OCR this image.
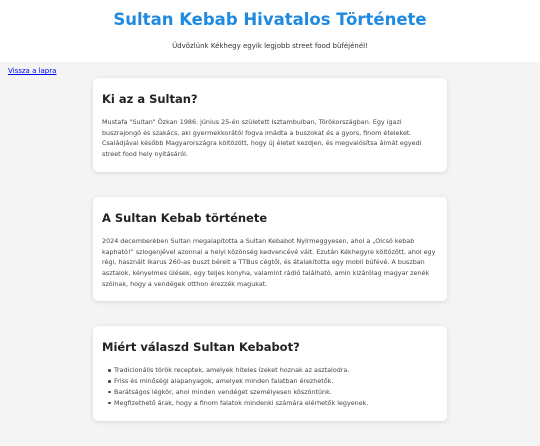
Sultan Kebab Hivatalos Története

Üdvözlünk Kékhegy egyik legjobb street food büféjénél!

Vissza a lapra
Ki az a Sultan?

Mustafa "Sultan" Özkan 1986. június 25-én született Isztambulban, Törökországban. Egy igazi buszrajongó és szakács, aki gyermekkorától fogva imádta a buszokat és a gyors, finom ételeket. Családjával később Magyarországra költözött, hogy új életet kezdjen, és megvalósítsa álmát egyedi street food hely nyitásáról.

A Sultan Kebab története

2024 decemberében Sultan megalapította a Sultan Kebabot Nyírmeggyesen, ahol a „Olcsó kebab kapható!” szlogenjével azonnal a helyi közönség kedvencévé vált. Ezután Kékhegyre költözött, ahol egy régi, használt Ikarus 260-as buszt bérelt a TTBus cégtől, és átalakította egy mobil büfévé. A buszban asztalok, kényelmes ülések, egy teljes konyha, valamint rádió található, amin kizárólag magyar zenék szólnak, hogy a vendégek otthon érezzék magukat.

Miért válaszd Sultan Kebabot?
Tradicionális török receptek, amelyek hiteles ízeket hoznak az asztalodra.
Friss és minőségi alapanyagok, amelyek minden falatban érezhetők.
Barátságos légkör, ahol minden vendéget személyesen köszöntünk.
Megfizethető árak, hogy a finom falatok mindenki számára elérhetők legyenek.
